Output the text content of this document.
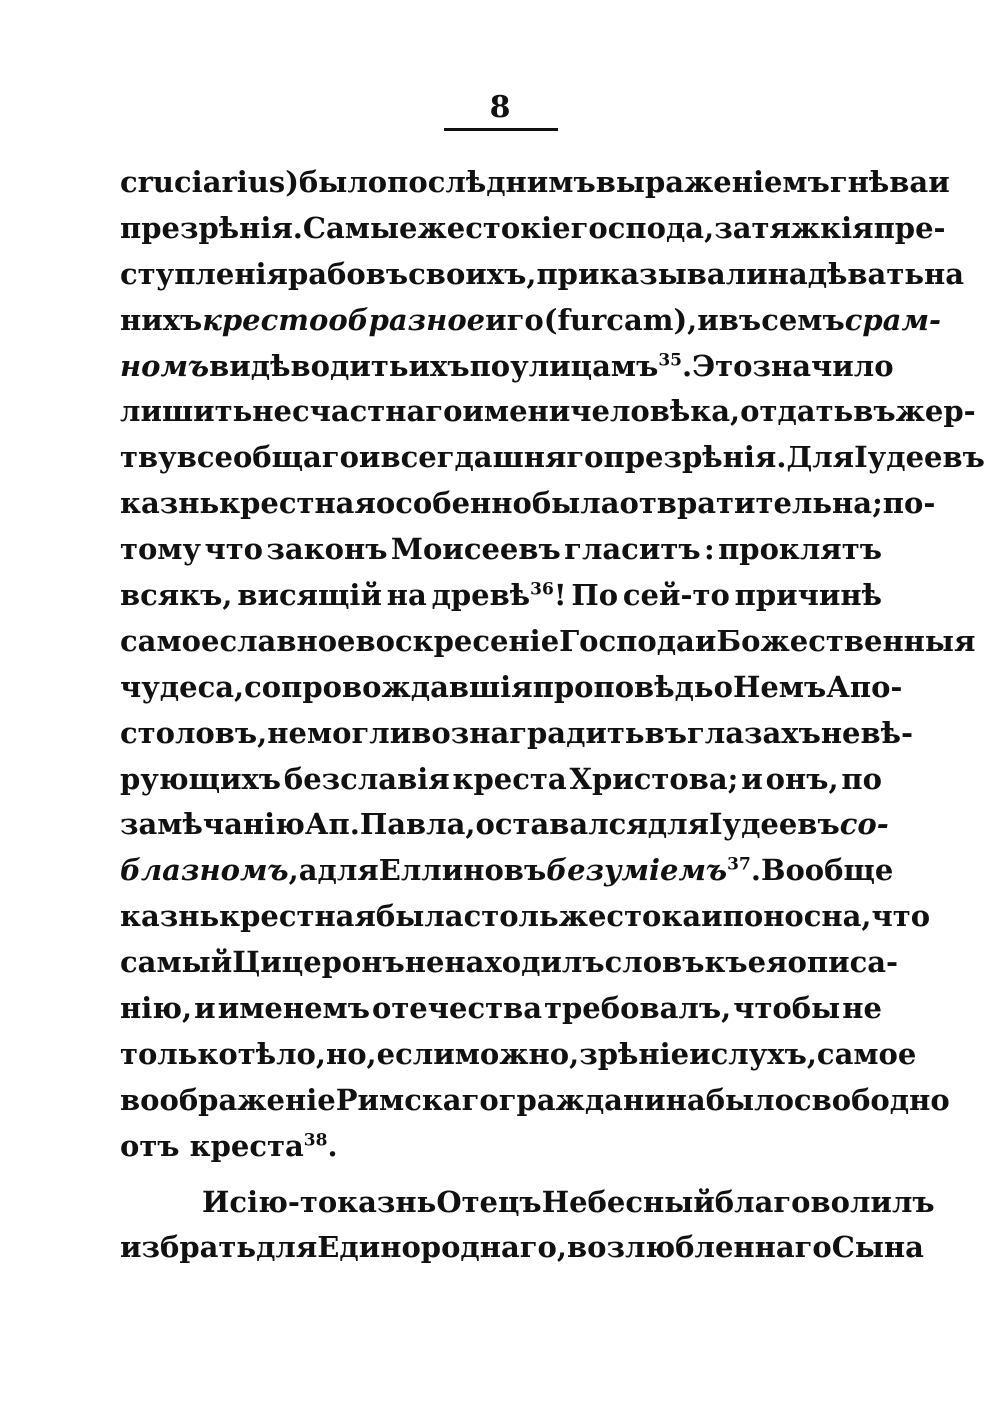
8
crucіarіus) было послѣднимъ выраженіемъ гнѣва и
презрѣнія. Самые жестокіе господа, за тяжкія пре-
ступленія рабовъ своихъ, приказывали надѣвать на
нихъ крестообразное иго (furcam), и въ семъ срам-
номъ видѣ водить ихъ по улицамъ$^{35}$. Это значило
лишить несчастнаго имени человѣка, отдать въ жер-
тву всеобщаго и всегдашняго презрѣнія. Для Іудеевъ
казнь крестная особенно была отвратительна; по-
тому что законъ Моисеевъ гласитъ : проклятъ
всякъ, висящій на древѣ$^{36}$! По сей-то причинѣ
самое славное воскресеніе Господа и Божественныя
чудеса, сопровождавшія проповѣдь о Немъ Апо-
столовъ, не могли вознаградить въ глазахъ невѣ-
рующихъ безславія креста Христова; и онъ, по
замѣчанію Ап. Павла, оставался для Іудеевъ со-
блазномъ, а для Еллиновъ безуміемъ$^{37}$. Вообще
казнь крестная была столь жестока и поносна, что
самый Цицеронъ не находилъ словъ къ ея описа-
нію, и именемъ отечества требовалъ, чтобы не
только тѣло, но, если можно, зрѣніе и слухъ, самое
воображеніе Римскаго гражданина было свободно
отъ
креста$^{38}$.
И сію-то казнь Отецъ Небесный благоволилъ
избрать для Единороднаго, возлюбленнаго Сына
